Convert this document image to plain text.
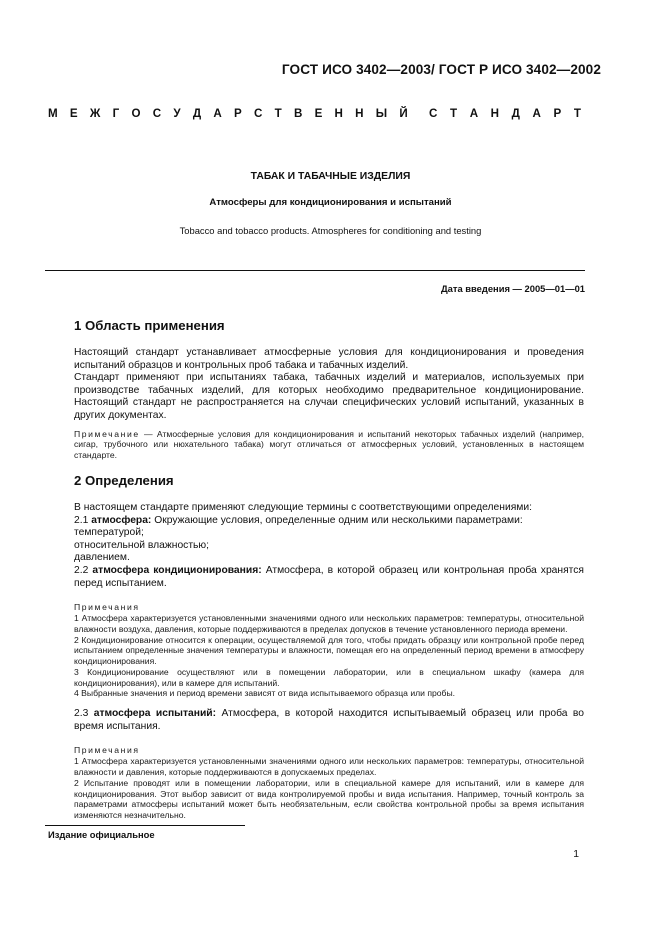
ГОСТ ИСО 3402—2003/ ГОСТ Р ИСО 3402—2002
М Е Ж Г О С У Д А Р С Т В Е Н Н Ы Й С Т А Н Д А Р Т
ТАБАК И ТАБАЧНЫЕ ИЗДЕЛИЯ
Атмосферы для кондиционирования и испытаний
Tobacco and tobacco products. Atmospheres for conditioning and testing
Дата введения — 2005—01—01
1 Область применения

Настоящий стандарт устанавливает атмосферные условия для кондиционирования и проведения испытаний образцов и контрольных проб табака и табачных изделий.

Стандарт применяют при испытаниях табака, табачных изделий и материалов, используемых при производстве табачных изделий, для которых необходимо предварительное кондиционирование. Настоящий стандарт не распространяется на случаи специфических условий испытаний, указанных в других документах.

Примечание — Атмосферные условия для кондиционирования и испытаний некоторых табачных изделий (например, сигар, трубочного или нюхательного табака) могут отличаться от атмосферных условий, установленных в настоящем стандарте.

2 Определения

В настоящем стандарте применяют следующие термины с соответствующими определениями:

2.1 атмосфера: Окружающие условия, определенные одним или несколькими параметрами:

температурой;

относительной влажностью;

давлением.

2.2 атмосфера кондиционирования: Атмосфера, в которой образец или контрольная проба хранятся перед испытанием.

Примечания

1 Атмосфера характеризуется установленными значениями одного или нескольких параметров: температуры, относительной влажности воздуха, давления, которые поддерживаются в пределах допусков в течение установленного периода времени.

2 Кондиционирование относится к операции, осуществляемой для того, чтобы придать образцу или контрольной пробе перед испытанием определенные значения температуры и влажности, помещая его на определенный период времени в атмосферу кондиционирования.

3 Кондиционирование осуществляют или в помещении лаборатории, или в специальном шкафу (камера для кондиционирования), или в камере для испытаний.

4 Выбранные значения и период времени зависят от вида испытываемого образца или пробы.

2.3 атмосфера испытаний: Атмосфера, в которой находится испытываемый образец или проба во время испытания.

Примечания

1 Атмосфера характеризуется установленными значениями одного или нескольких параметров: температуры, относительной влажности и давления, которые поддерживаются в допускаемых пределах.

2 Испытание проводят или в помещении лаборатории, или в специальной камере для испытаний, или в камере для кондиционирования. Этот выбор зависит от вида контролируемой пробы и вида испытания. Например, точный контроль за параметрами атмосферы испытаний может быть необязательным, если свойства контрольной пробы за время испытания изменяются незначительно.

Издание официальное
1
